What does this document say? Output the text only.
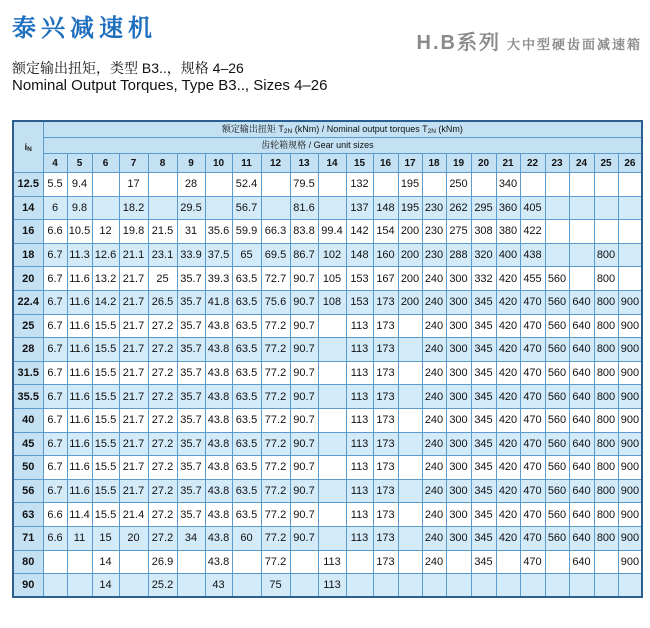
泰兴减速机
H.B系列 大中型硬齿面减速箱
额定输出扭矩，类型 B3..，规格 4–26
Nominal Output Torques, Type B3.., Sizes 4–26
$i_N$	额定输出扭矩 $T_{2N}$ (kNm) / Nominal output torques $T_{2N}$ (kNm)																						
	齿轮箱规格 / Gear unit sizes																						
	4	5	6	7	8	9	10	11	12	13	14	15	16	17	18	19	20	21	22	23	24	25	26
12.5	5.5	9.4		17		28		52.4		79.5		132		195		250		340					
14	6	9.8		18.2		29.5		56.7		81.6		137	148	195	230	262	295	360	405				
16	6.6	10.5	12	19.8	21.5	31	35.6	59.9	66.3	83.8	99.4	142	154	200	230	275	308	380	422				
18	6.7	11.3	12.6	21.1	23.1	33.9	37.5	65	69.5	86.7	102	148	160	200	230	288	320	400	438			800	
20	6.7	11.6	13.2	21.7	25	35.7	39.3	63.5	72.7	90.7	105	153	167	200	240	300	332	420	455	560		800	
22.4	6.7	11.6	14.2	21.7	26.5	35.7	41.8	63.5	75.6	90.7	108	153	173	200	240	300	345	420	470	560	640	800	900
25	6.7	11.6	15.5	21.7	27.2	35.7	43.8	63.5	77.2	90.7		113	173		240	300	345	420	470	560	640	800	900
28	6.7	11.6	15.5	21.7	27.2	35.7	43.8	63.5	77.2	90.7		113	173		240	300	345	420	470	560	640	800	900
31.5	6.7	11.6	15.5	21.7	27.2	35.7	43.8	63.5	77.2	90.7		113	173		240	300	345	420	470	560	640	800	900
35.5	6.7	11.6	15.5	21.7	27.2	35.7	43.8	63.5	77.2	90.7		113	173		240	300	345	420	470	560	640	800	900
40	6.7	11.6	15.5	21.7	27.2	35.7	43.8	63.5	77.2	90.7		113	173		240	300	345	420	470	560	640	800	900
45	6.7	11.6	15.5	21.7	27.2	35.7	43.8	63.5	77.2	90.7		113	173		240	300	345	420	470	560	640	800	900
50	6.7	11.6	15.5	21.7	27.2	35.7	43.8	63.5	77.2	90.7		113	173		240	300	345	420	470	560	640	800	900
56	6.7	11.6	15.5	21.7	27.2	35.7	43.8	63.5	77.2	90.7		113	173		240	300	345	420	470	560	640	800	900
63	6.6	11.4	15.5	21.4	27.2	35.7	43.8	63.5	77.2	90.7		113	173		240	300	345	420	470	560	640	800	900
71	6.6	11	15	20	27.2	34	43.8	60	77.2	90.7		113	173		240	300	345	420	470	560	640	800	900
80			14		26.9		43.8		77.2		113		173		240		345		470		640		900
90			14		25.2		43		75		113												
